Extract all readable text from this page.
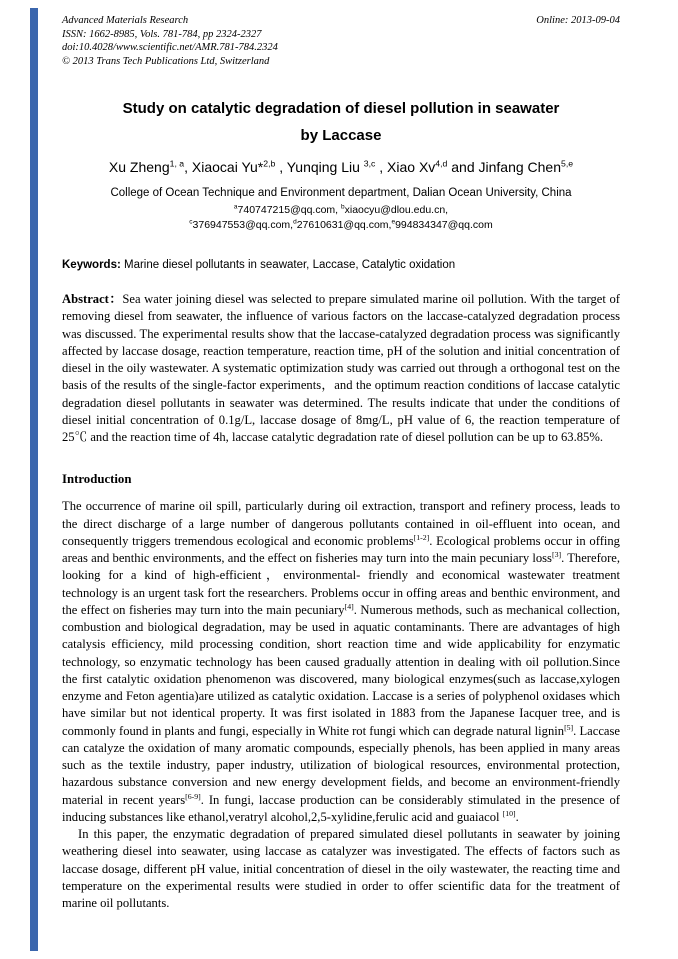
Advanced Materials Research
ISSN: 1662-8985, Vols. 781-784, pp 2324-2327
doi:10.4028/www.scientific.net/AMR.781-784.2324
© 2013 Trans Tech Publications Ltd, Switzerland
Online: 2013-09-04
Study on catalytic degradation of diesel pollution in seawater
by Laccase
Xu Zheng$^{1, a}$, Xiaocai Yu*$^{2,b}$ , Yunqing Liu $^{3,c}$ , Xiao Xv$^{4,d}$ and Jinfang Chen$^{5,e}$
College of Ocean Technique and Environment department, Dalian Ocean University, China
$^a$740747215@qq.com, $^b$xiaocyu@dlou.edu.cn,
$^c$376947553@qq.com,$^d$27610631@qq.com,$^e$994834347@qq.com
Keywords: Marine diesel pollutants in seawater, Laccase, Catalytic oxidation
Abstract：Sea water joining diesel was selected to prepare simulated marine oil pollution. With the target of removing diesel from seawater, the influence of various factors on the laccase-catalyzed degradation process was discussed. The experimental results show that the laccase-catalyzed degradation process was significantly affected by laccase dosage, reaction temperature, reaction time, pH of the solution and initial concentration of diesel in the oily wastewater. A systematic optimization study was carried out through a orthogonal test on the basis of the results of the single-factor experiments，and the optimum reaction conditions of laccase catalytic degradation diesel pollutants in seawater was determined. The results indicate that under the conditions of diesel initial concentration of 0.1g/L, laccase dosage of 8mg/L, pH value of 6, the reaction temperature of 25℃ and the reaction time of 4h, laccase catalytic degradation rate of diesel pollution can be up to 63.85%.
Introduction
The occurrence of marine oil spill, particularly during oil extraction, transport and refinery process, leads to the direct discharge of a large number of dangerous pollutants contained in oil-effluent into ocean, and consequently triggers tremendous ecological and economic problems[1-2]. Ecological problems occur in offing areas and benthic environments, and the effect on fisheries may turn into the main pecuniary loss[3]. Therefore, looking for a kind of high-efficient，environmental- friendly and economical wastewater treatment technology is an urgent task fort the researchers. Problems occur in offing areas and benthic environment, and the effect on fisheries may turn into the main pecuniary[4]. Numerous methods, such as mechanical collection, combustion and biological degradation, may be used in aquatic contaminants. There are advantages of high catalysis efficiency, mild processing condition, short reaction time and wide applicability for enzymatic technology, so enzymatic technology has been caused gradually attention in dealing with oil pollution.Since the first catalytic oxidation phenomenon was discovered, many biological enzymes(such as laccase,xylogen enzyme and Feton agentia)are utilized as catalytic oxidation. Laccase is a series of polyphenol oxidases which have similar but not identical property. It was first isolated in 1883 from the Japanese Iacquer tree, and is commonly found in plants and fungi, especially in White rot fungi which can degrade natural lignin[5]. Laccase can catalyze the oxidation of many aromatic compounds, especially phenols, has been applied in many areas such as the textile industry, paper industry, utilization of biological resources, environmental protection, hazardous substance conversion and new energy development fields, and become an environment-friendly material in recent years[6-9]. In fungi, laccase production can be considerably stimulated in the presence of inducing substances like ethanol,veratryl alcohol,2,5-xylidine,ferulic acid and guaiacol [10].
In this paper, the enzymatic degradation of prepared simulated diesel pollutants in seawater by joining weathering diesel into seawater, using laccase as catalyzer was investigated. The effects of factors such as laccase dosage, different pH value, initial concentration of diesel in the oily wastewater, the reacting time and temperature on the experimental results were studied in order to offer scientific data for the treatment of marine oil pollutants.
